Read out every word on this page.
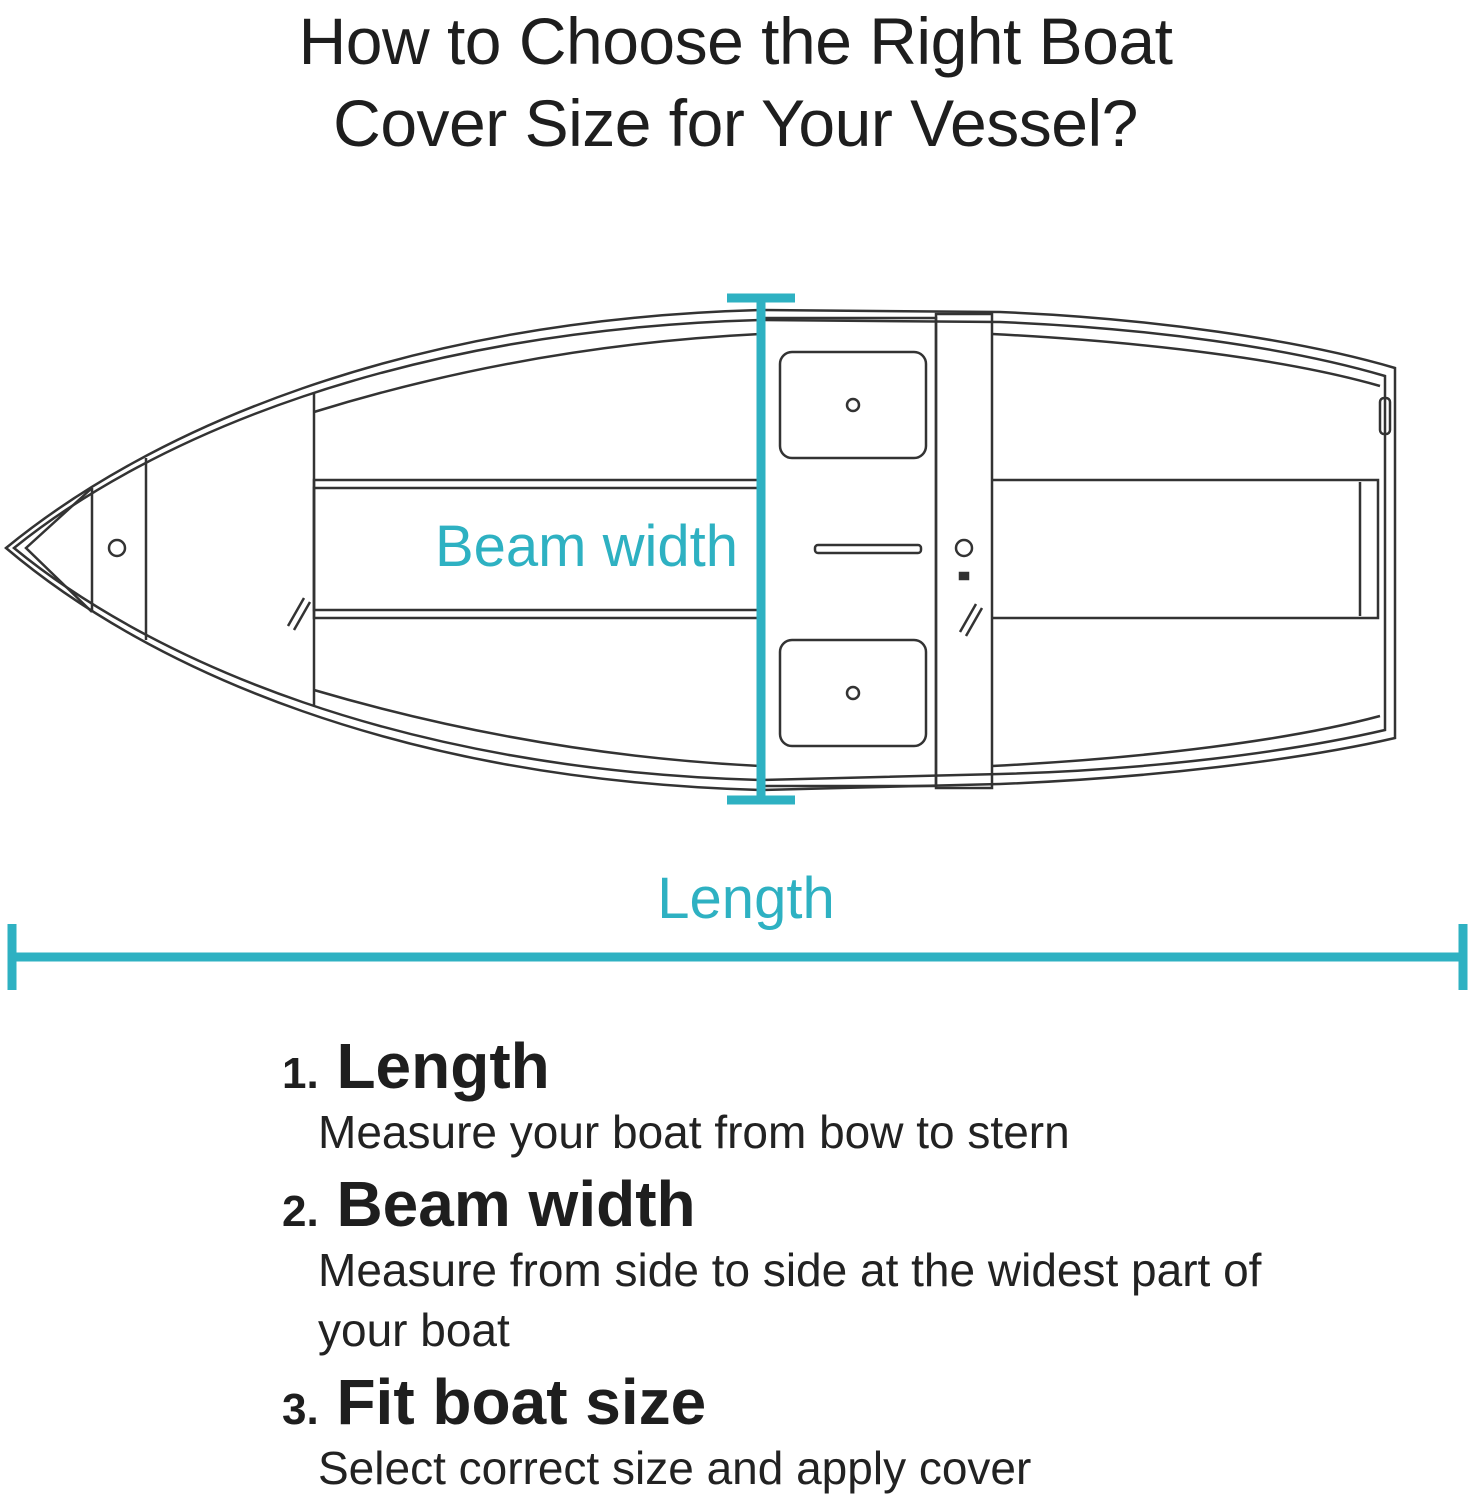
How to Choose the Right Boat
Cover Size for Your Vessel?
Beam width
Length
1. Length
Measure your boat from bow to stern
2. Beam width
Measure from side to side at the widest part of your boat
3. Fit boat size
Select correct size and apply cover
